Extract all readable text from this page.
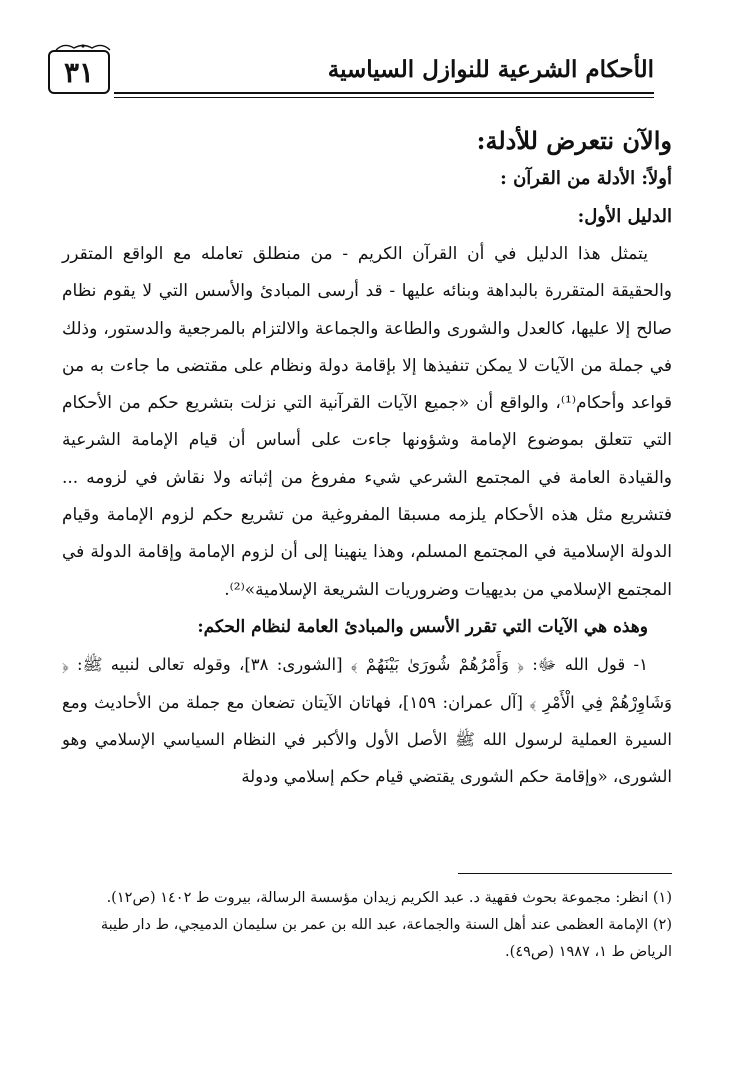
٣١	الأحكام الشرعية للنوازل السياسية
والآن نتعرض للأدلة:
أولاً: الأدلة من القرآن :
الدليل الأول:

يتمثل هذا الدليل في أن القرآن الكريم - من منطلق تعامله مع الواقع المتقرر والحقيقة المتقررة بالبداهة وبنائه عليها - قد أرسى المبادئ والأسس التي لا يقوم نظام صالح إلا عليها، كالعدل والشورى والطاعة والجماعة والالتزام بالمرجعية والدستور، وذلك في جملة من الآيات لا يمكن تنفيذها إلا بإقامة دولة ونظام على مقتضى ما جاءت به من قواعد وأحكام⁽¹⁾، والواقع أن «جميع الآيات القرآنية التي نزلت بتشريع حكم من الأحكام التي تتعلق بموضوع الإمامة وشؤونها جاءت على أساس أن قيام الإمامة الشرعية والقيادة العامة في المجتمع الشرعي شيء مفروغ من إثباته ولا نقاش في لزومه ... فتشريع مثل هذه الأحكام يلزمه مسبقا المفروغية من تشريع حكم لزوم الإمامة وقيام الدولة الإسلامية في المجتمع المسلم، وهذا ينهينا إلى أن لزوم الإمامة وإقامة الدولة في المجتمع الإسلامي من بديهيات وضروريات الشريعة الإسلامية»⁽²⁾.

وهذه هي الآيات التي تقرر الأسس والمبادئ العامة لنظام الحكم:

١- قول الله ﷻ: ﴿ وَأَمْرُهُمْ شُورَىٰ بَيْنَهُمْ ﴾ [الشورى: ٣٨]، وقوله تعالى لنبيه ﷺ: ﴿ وَشَاوِرْهُمْ فِي الْأَمْرِ ﴾ [آل عمران: ١٥٩]، فهاتان الآيتان تضعان مع جملة من الأحاديث ومع السيرة العملية لرسول الله ﷺ الأصل الأول والأكبر في النظام السياسي الإسلامي وهو الشورى، «وإقامة حكم الشورى يقتضي قيام حكم إسلامي ودولة

(١) انظر: مجموعة بحوث فقهية د. عبد الكريم زيدان مؤسسة الرسالة، بيروت ط ١٤٠٢ (ص١٢).

(٢) الإمامة العظمى عند أهل السنة والجماعة، عبد الله بن عمر بن سليمان الدميجي، ط دار طيبة الرياض ط ١، ١٩٨٧ (ص٤٩).
